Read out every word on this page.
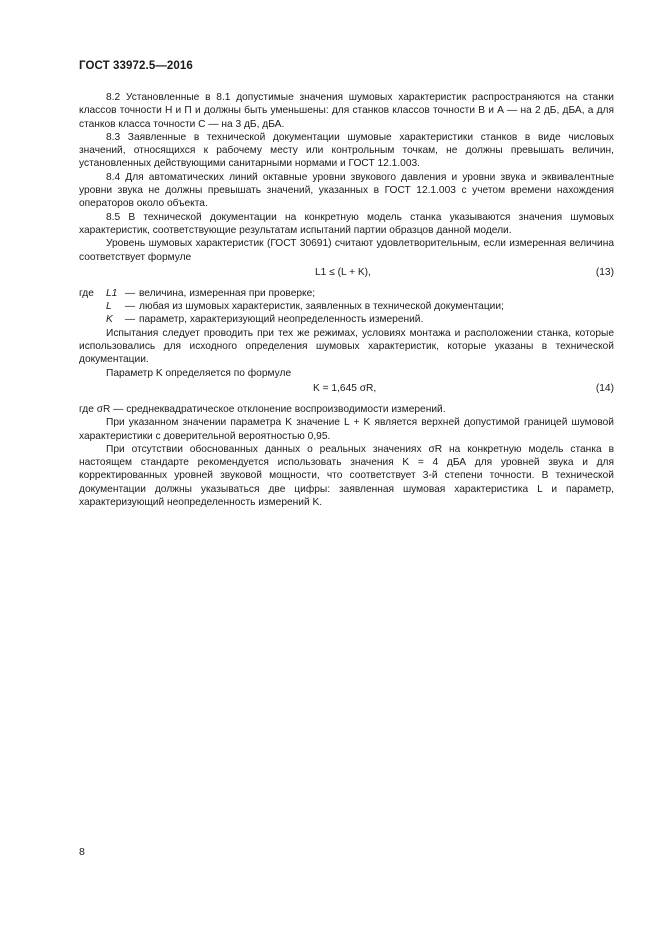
ГОСТ 33972.5—2016

8.2 Установленные в 8.1 допустимые значения шумовых характеристик распространяются на станки классов точности Н и П и должны быть уменьшены: для станков классов точности В и А — на 2 дБ, дБА, а для станков класса точности С — на 3 дБ, дБА.

8.3 Заявленные в технической документации шумовые характеристики станков в виде числовых значений, относящихся к рабочему месту или контрольным точкам, не должны превышать величин, установленных действующими санитарными нормами и ГОСТ 12.1.003.

8.4 Для автоматических линий октавные уровни звукового давления и уровни звука и эквивалентные уровни звука не должны превышать значений, указанных в ГОСТ 12.1.003 с учетом времени нахождения операторов около объекта.

8.5 В технической документации на конкретную модель станка указываются значения шумовых характеристик, соответствующие результатам испытаний партии образцов данной модели.

Уровень шумовых характеристик (ГОСТ 30691) считают удовлетворительным, если измеренная величина соответствует формуле

L1 ≤ (L + K),	(13)
где	L1 — величина, измеренная при проверке;
L	— любая из шумовых характеристик, заявленных в технической документации;
K	— параметр, характеризующий неопределенность измерений.

Испытания следует проводить при тех же режимах, условиях монтажа и расположении станка, которые использовались для исходного определения шумовых характеристик, которые указаны в технической документации.

Параметр K определяется по формуле

K = 1,645 σR,	(14)

где σR — среднеквадратическое отклонение воспроизводимости измерений.

При указанном значении параметра K значение L + K является верхней допустимой границей шумовой характеристики с доверительной вероятностью 0,95.

При отсутствии обоснованных данных о реальных значениях σR на конкретную модель станка в настоящем стандарте рекомендуется использовать значения K = 4 дБА для уровней звука и для корректированных уровней звуковой мощности, что соответствует 3-й степени точности. В технической документации должны указываться две цифры: заявленная шумовая характеристика L и параметр, характеризующий неопределенность измерений K.

8
